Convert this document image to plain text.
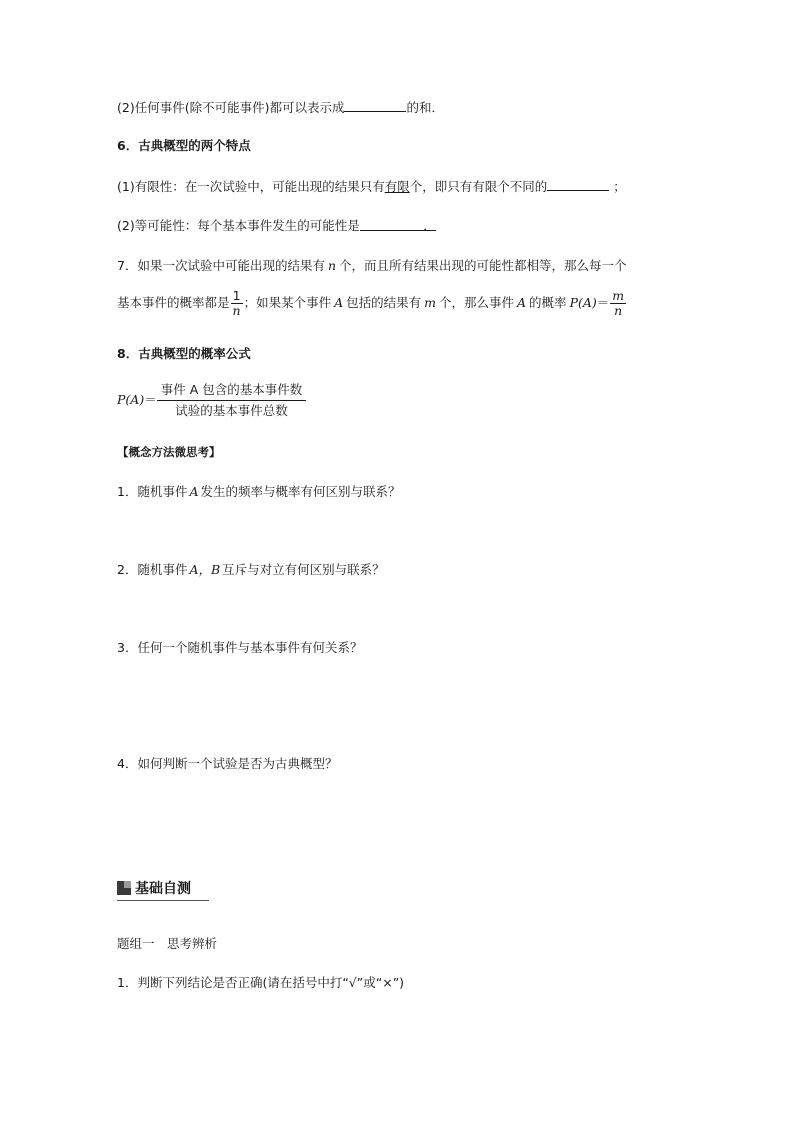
(2)任何事件(除不可能事件)都可以表示成	的和．
6．古典概型的两个特点
(1)有限性：在一次试验中，可能出现的结果只有有限个，即只有有限个不同的	；
(2)等可能性：每个基本事件发生的可能性是	．
7．如果一次试验中可能出现的结果有 n 个，而且所有结果出现的可能性都相等，那么每一个
基本事件的概率都是 $\frac{1}{n}$ ；如果某个事件 A 包括的结果有 m 个，那么事件 A 的概率 $P(A)= \frac{m}{n}$
8．古典概型的概率公式
$P(A)= \frac{\text{事件 A 包含的基本事件数}}{\text{试验的基本事件总数}}$
【概念方法微思考】
1．随机事件 A 发生的频率与概率有何区别与联系？
2．随机事件 A，B 互斥与对立有何区别与联系？
3．任何一个随机事件与基本事件有何关系？
4．如何判断一个试验是否为古典概型？
基础自测
题组一　思考辨析
1．判断下列结论是否正确(请在括号中打“√”或“×”)
